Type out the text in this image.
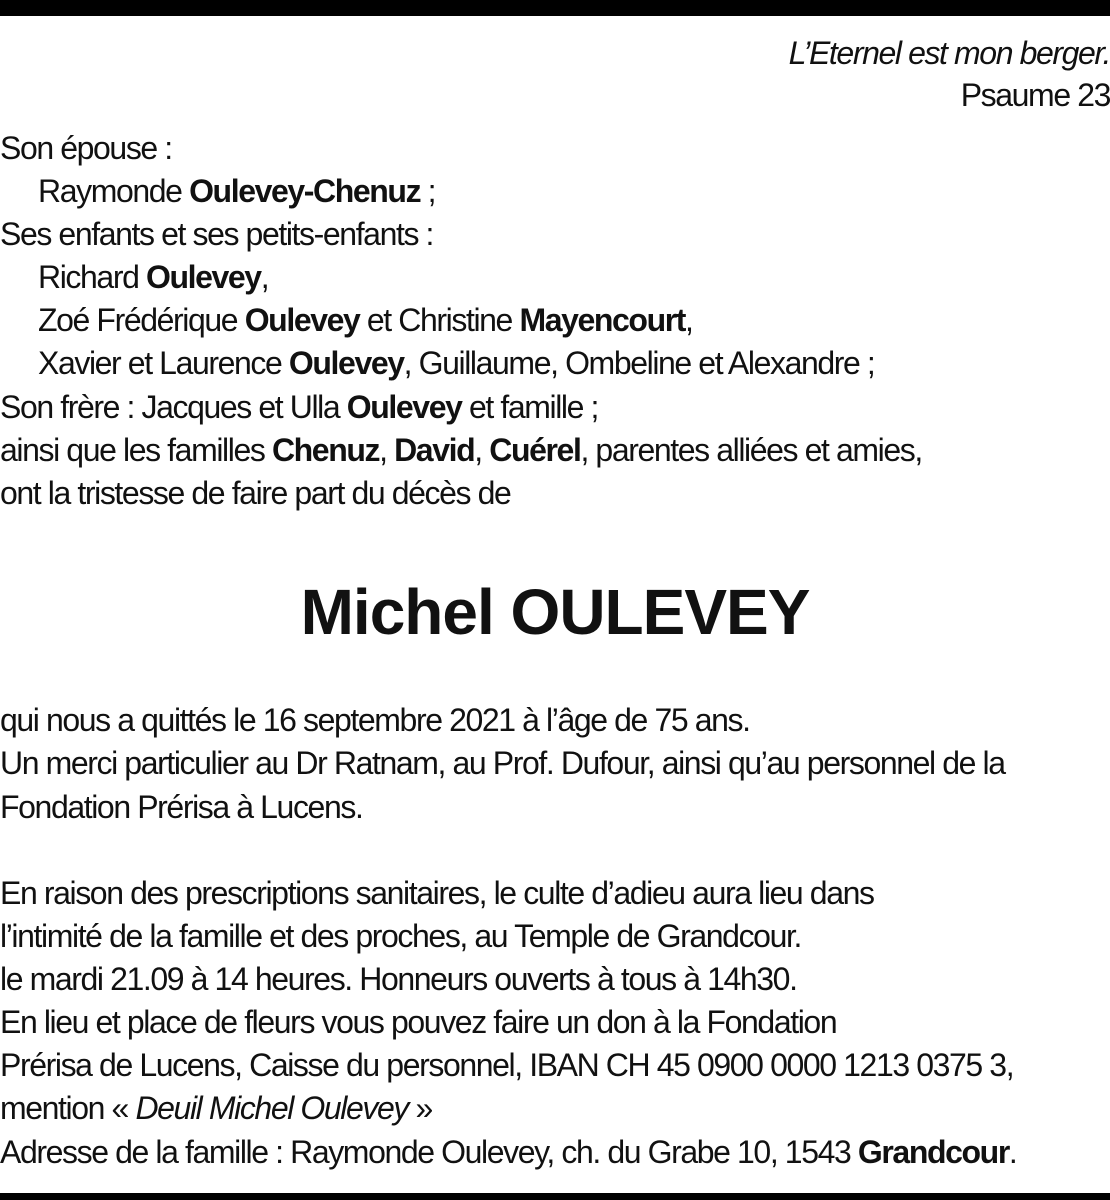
L’Eternel est mon berger.
Psaume 23
Son épouse :
Raymonde Oulevey-Chenuz ;
Ses enfants et ses petits-enfants :
Richard Oulevey,
Zoé Frédérique Oulevey et Christine Mayencourt,
Xavier et Laurence Oulevey, Guillaume, Ombeline et Alexandre ;
Son frère : Jacques et Ulla Oulevey et famille ;
ainsi que les familles Chenuz, David, Cuérel, parentes alliées et amies,
ont la tristesse de faire part du décès de
Michel OULEVEY
qui nous a quittés le 16 septembre 2021 à l’âge de 75 ans.
Un merci particulier au Dr Ratnam, au Prof. Dufour, ainsi qu’au personnel de la
Fondation Prérisa à Lucens.
En raison des prescriptions sanitaires, le culte d’adieu aura lieu dans
l’intimité de la famille et des proches, au Temple de Grandcour.
le mardi 21.09 à 14 heures. Honneurs ouverts à tous à 14h30.
En lieu et place de fleurs vous pouvez faire un don à la Fondation
Prérisa de Lucens, Caisse du personnel, IBAN CH 45 0900 0000 1213 0375 3,
mention « Deuil Michel Oulevey »
Adresse de la famille : Raymonde Oulevey, ch. du Grabe 10, 1543 Grandcour.
